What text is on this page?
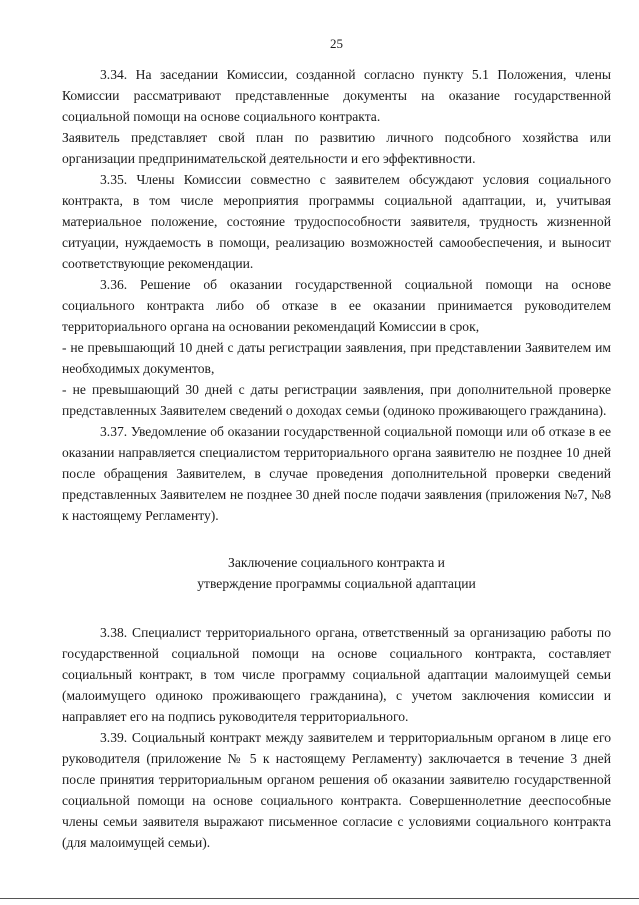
25

3.34. На заседании Комиссии, созданной согласно пункту 5.1 Положения, члены Комиссии рассматривают представленные документы на оказание государственной социальной помощи на основе социального контракта.

Заявитель представляет свой план по развитию личного подсобного хозяйства или организации предпринимательской деятельности и его эффективности.

3.35. Члены Комиссии совместно с заявителем обсуждают условия социального контракта, в том числе мероприятия программы социальной адаптации, и, учитывая материальное положение, состояние трудоспособности заявителя, трудность жизненной ситуации, нуждаемость в помощи, реализацию возможностей самообеспечения, и выносит соответствующие рекомендации.

3.36. Решение об оказании государственной социальной помощи на основе социального контракта либо об отказе в ее оказании принимается руководителем территориального органа на основании рекомендаций Комиссии в срок,

- не превышающий 10 дней с даты регистрации заявления, при представлении Заявителем им необходимых документов,

- не превышающий 30 дней с даты регистрации заявления, при дополнительной проверке представленных Заявителем сведений о доходах семьи (одиноко проживающего гражданина).

3.37. Уведомление об оказании государственной социальной помощи или об отказе в ее оказании направляется специалистом территориального органа заявителю не позднее 10 дней после обращения Заявителем, в случае проведения дополнительной проверки сведений представленных Заявителем не позднее 30 дней после подачи заявления (приложения №7, №8 к настоящему Регламенту).

Заключение социального контракта и
утверждение программы социальной адаптации

3.38. Специалист территориального органа, ответственный за организацию работы по государственной социальной помощи на основе социального контракта, составляет социальный контракт, в том числе программу социальной адаптации малоимущей семьи (малоимущего одиноко проживающего гражданина), с учетом заключения комиссии и направляет его на подпись руководителя территориального.

3.39. Социальный контракт между заявителем и территориальным органом в лице его руководителя (приложение № 5 к настоящему Регламенту) заключается в течение 3 дней после принятия территориальным органом решения об оказании заявителю государственной социальной помощи на основе социального контракта. Совершеннолетние дееспособные члены семьи заявителя выражают письменное согласие с условиями социального контракта (для малоимущей семьи).
